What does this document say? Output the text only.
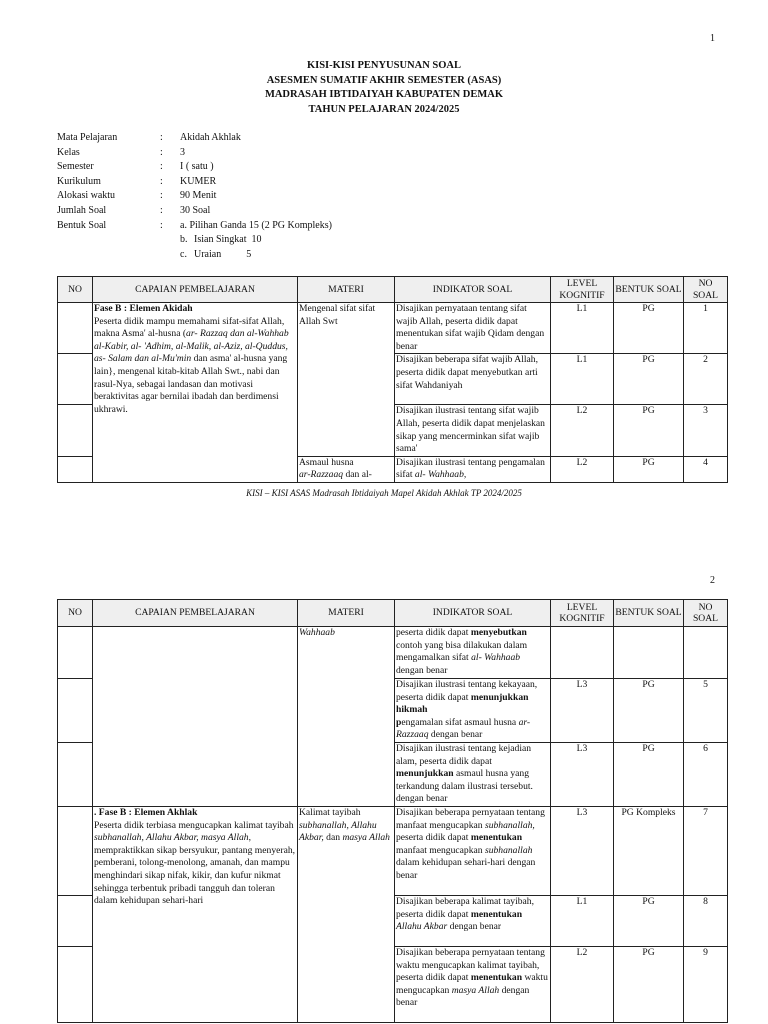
1
KISI-KISI PENYUSUNAN SOAL
ASESMEN SUMATIF AKHIR SEMESTER (ASAS)
MADRASAH IBTIDAIYAH KABUPATEN DEMAK
TAHUN PELAJARAN 2024/2025
Mata Pelajaran	:	Akidah Akhlak
Kelas	:	3
Semester	:	I ( satu )
Kurikulum	:	KUMER
Alokasi waktu	:	90 Menit
Jumlah Soal	:	30 Soal
Bentuk Soal	:	a. Pilihan Ganda 15 (2 PG Kompleks)
b. Isian Singkat  10
c. Uraian          5
NO	CAPAIAN PEMBELAJARAN	MATERI	INDIKATOR SOAL	LEVEL KOGNITIF	BENTUK SOAL	NO SOAL
	Fase B : Elemen Akidah
Peserta didik mampu memahami sifat-sifat Allah, makna Asma' al-husna (ar- Razzaq dan al-Wahhab al-Kabir, al- 'Adhim, al-Malik, al-Aziz, al-Quddus, as- Salam dan al-Mu'min dan asma' al-husna yang lain}, mengenal kitab-kitab Allah Swt., nabi dan rasul-Nya, sebagai landasan dan motivasi beraktivitas agar bernilai ibadah dan berdimensi ukhrawi.	Mengenal sifat sifat Allah Swt	Disajikan pernyataan tentang sifat wajib Allah, peserta didik dapat menentukan sifat wajib Qidam dengan benar	L1	PG	1
			Disajikan beberapa sifat wajib Allah, peserta didik dapat menyebutkan arti sifat Wahdaniyah	L1	PG	2
			Disajikan ilustrasi tentang sifat wajib Allah, peserta didik dapat menjelaskan sikap yang mencerminkan sifat wajib sama'	L2	PG	3
		Asmaul husna
ar-Razzaaq dan al-	Disajikan ilustrasi tentang pengamalan sifat al- Wahhaab,	L2	PG	4
KISI – KISI ASAS Madrasah Ibtidaiyah Mapel Akidah Akhlak TP 2024/2025
2
NO	CAPAIAN PEMBELAJARAN	MATERI	INDIKATOR SOAL	LEVEL KOGNITIF	BENTUK SOAL	NO SOAL
		Wahhaab	peserta didik dapat menyebutkan contoh yang bisa dilakukan dalam mengamalkan sifat al- Wahhaab dengan benar			
			Disajikan ilustrasi tentang kekayaan, peserta didik dapat menunjukkan hikmah
pengamalan sifat asmaul husna ar-Razzaaq dengan benar	L3	PG	5
			Disajikan ilustrasi tentang kejadian alam, peserta didik dapat menunjukkan asmaul husna yang terkandung dalam ilustrasi tersebut. dengan benar	L3	PG	6
	. Fase B : Elemen Akhlak
Peserta didik terbiasa mengucapkan kalimat tayibah subhanallah, Allahu Akbar, masya Allah, mempraktikkan sikap bersyukur, pantang menyerah, pemberani, tolong-menolong, amanah, dan mampu menghindari sikap nifak, kikir, dan kufur nikmat sehingga terbentuk pribadi tangguh dan toleran dalam kehidupan sehari-hari	Kalimat tayibah subhanallah, Allahu Akbar, dan masya Allah	Disajikan beberapa pernyataan tentang manfaat mengucapkan subhanallah, peserta didik dapat menentukan manfaat mengucapkan subhanallah dalam kehidupan sehari-hari dengan benar	L3	PG Kompleks	7
			Disajikan beberapa kalimat tayibah, peserta didik dapat menentukan Allahu Akbar dengan benar	L1	PG	8
			Disajikan beberapa pernyataan tentang waktu mengucapkan kalimat tayibah, peserta didik dapat menentukan waktu mengucapkan masya Allah dengan benar	L2	PG	9
